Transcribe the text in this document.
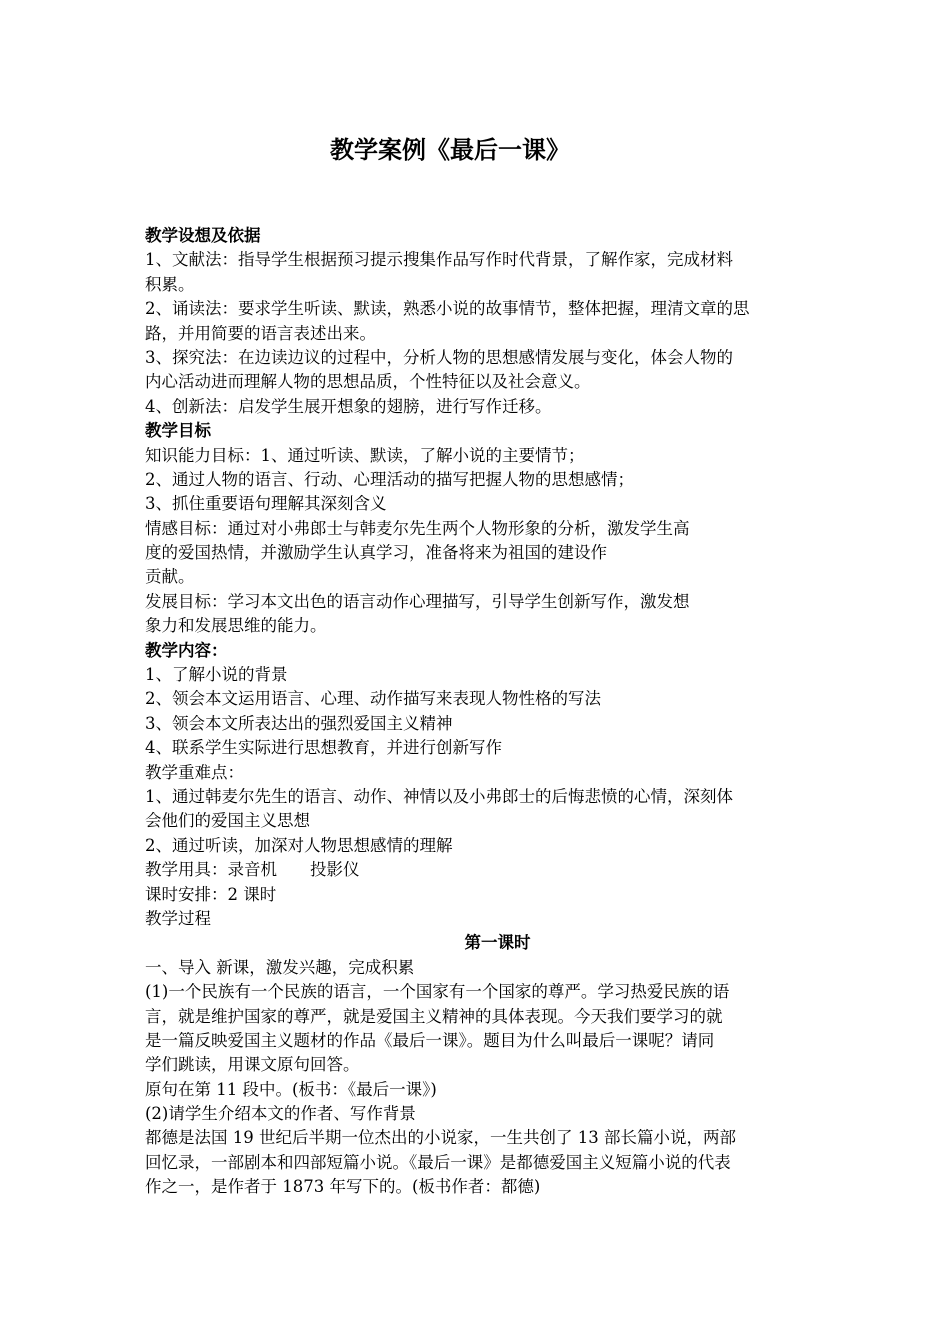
教学案例《最后一课》
教学设想及依据
1、文献法：指导学生根据预习提示搜集作品写作时代背景，了解作家，完成材料
积累。
2、诵读法：要求学生听读、默读，熟悉小说的故事情节，整体把握，理清文章的思
路，并用简要的语言表述出来。
3、探究法：在边读边议的过程中，分析人物的思想感情发展与变化，体会人物的
内心活动进而理解人物的思想品质，个性特征以及社会意义。
4、创新法：启发学生展开想象的翅膀，进行写作迁移。
教学目标
知识能力目标：1、通过听读、默读，了解小说的主要情节；
2、通过人物的语言、行动、心理活动的描写把握人物的思想感情；
3、抓住重要语句理解其深刻含义
情感目标：通过对小弗郎士与韩麦尔先生两个人物形象的分析，激发学生高
度的爱国热情，并激励学生认真学习，准备将来为祖国的建设作
贡献。
发展目标：学习本文出色的语言动作心理描写，引导学生创新写作，激发想
象力和发展思维的能力。
教学内容：
1、了解小说的背景
2、领会本文运用语言、心理、动作描写来表现人物性格的写法
3、领会本文所表达出的强烈爱国主义精神
4、联系学生实际进行思想教育，并进行创新写作
教学重难点：
1、通过韩麦尔先生的语言、动作、神情以及小弗郎士的后悔悲愤的心情，深刻体
会他们的爱国主义思想
2、通过听读，加深对人物思想感情的理解
教学用具：录音机　　投影仪
课时安排：2 课时
教学过程
第一课时
一、导入 新课，激发兴趣，完成积累
(1)一个民族有一个民族的语言，一个国家有一个国家的尊严。学习热爱民族的语
言，就是维护国家的尊严，就是爱国主义精神的具体表现。今天我们要学习的就
是一篇反映爱国主义题材的作品《最后一课》。题目为什么叫最后一课呢？请同
学们跳读，用课文原句回答。
原句在第 11 段中。(板书：《最后一课》)
(2)请学生介绍本文的作者、写作背景
都德是法国 19 世纪后半期一位杰出的小说家，一生共创了 13 部长篇小说，两部
回忆录，一部剧本和四部短篇小说。《最后一课》是都德爱国主义短篇小说的代表
作之一，是作者于 1873 年写下的。(板书作者：都德)
